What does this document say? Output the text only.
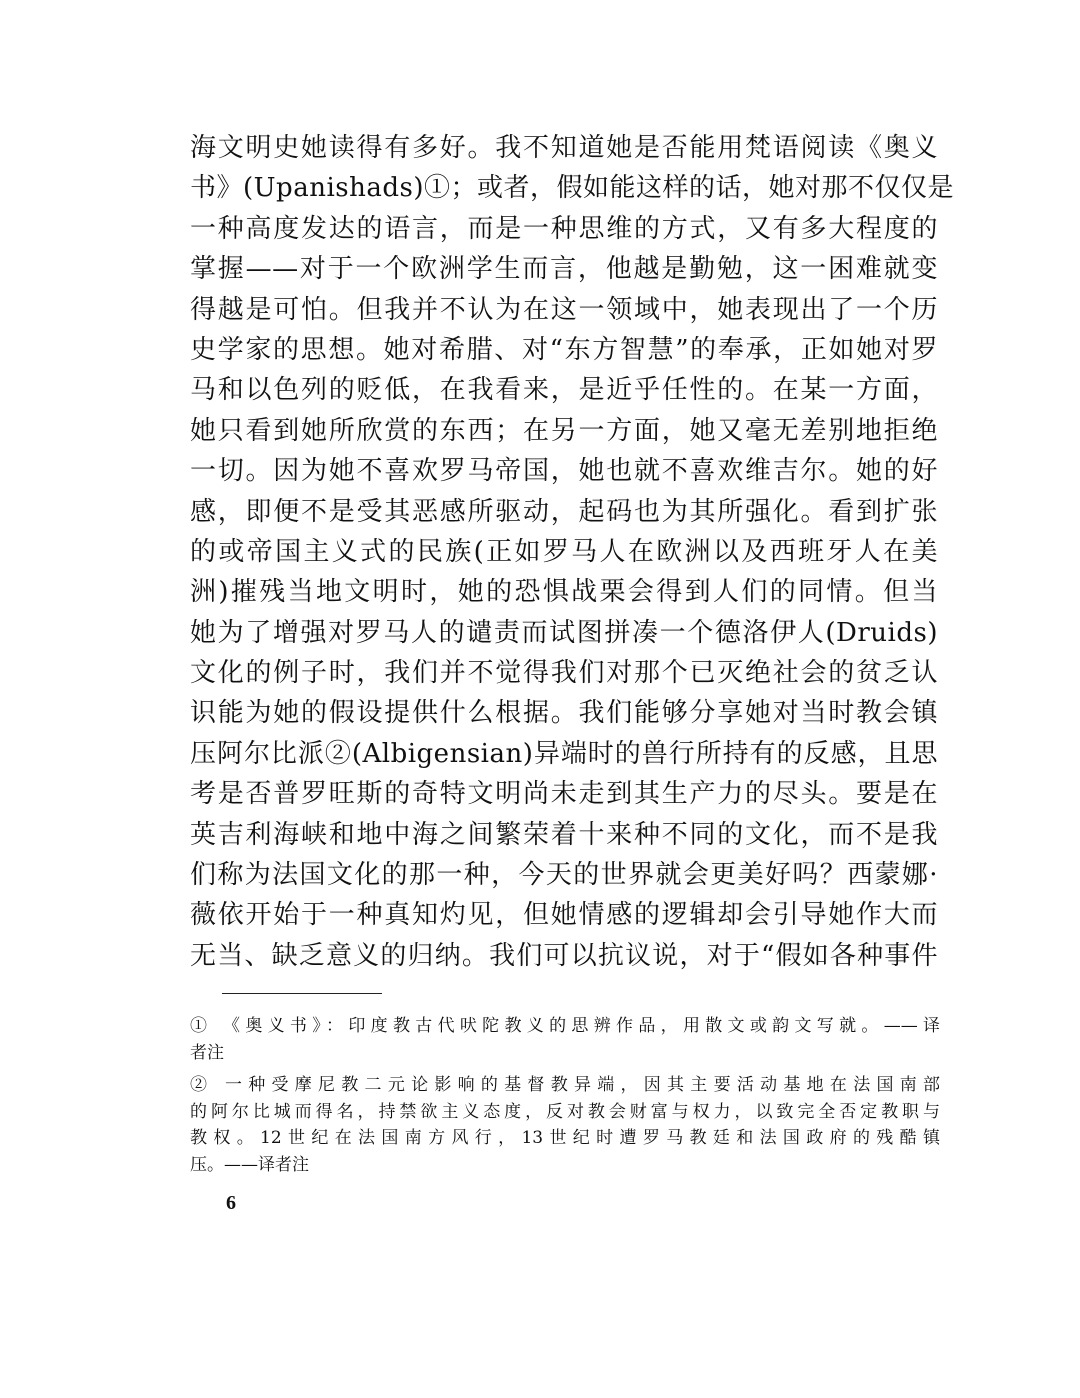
海文明史她读得有多好。我不知道她是否能用梵语阅读《奥义
书》(Upanishads)①；或者，假如能这样的话，她对那不仅仅是
一种高度发达的语言，而是一种思维的方式，又有多大程度的
掌握——对于一个欧洲学生而言，他越是勤勉，这一困难就变
得越是可怕。但我并不认为在这一领域中，她表现出了一个历
史学家的思想。她对希腊、对“东方智慧”的奉承，正如她对罗
马和以色列的贬低，在我看来，是近乎任性的。在某一方面，
她只看到她所欣赏的东西；在另一方面，她又毫无差别地拒绝
一切。因为她不喜欢罗马帝国，她也就不喜欢维吉尔。她的好
感，即便不是受其恶感所驱动，起码也为其所强化。看到扩张
的或帝国主义式的民族(正如罗马人在欧洲以及西班牙人在美
洲)摧残当地文明时，她的恐惧战栗会得到人们的同情。但当
她为了增强对罗马人的谴责而试图拼凑一个德洛伊人(Druids)
文化的例子时，我们并不觉得我们对那个已灭绝社会的贫乏认
识能为她的假设提供什么根据。我们能够分享她对当时教会镇
压阿尔比派②(Albigensian)异端时的兽行所持有的反感，且思
考是否普罗旺斯的奇特文明尚未走到其生产力的尽头。要是在
英吉利海峡和地中海之间繁荣着十来种不同的文化，而不是我
们称为法国文化的那一种，今天的世界就会更美好吗？西蒙娜·
薇依开始于一种真知灼见，但她情感的逻辑却会引导她作大而
无当、缺乏意义的归纳。我们可以抗议说，对于“假如各种事件
① 《奥义书》：印度教古代吠陀教义的思辨作品，用散文或韵文写就。——译
者注
② 一种受摩尼教二元论影响的基督教异端，因其主要活动基地在法国南部
的阿尔比城而得名，持禁欲主义态度，反对教会财富与权力，以致完全否定教职与
教权。12世纪在法国南方风行，13世纪时遭罗马教廷和法国政府的残酷镇
压。——译者注
6
